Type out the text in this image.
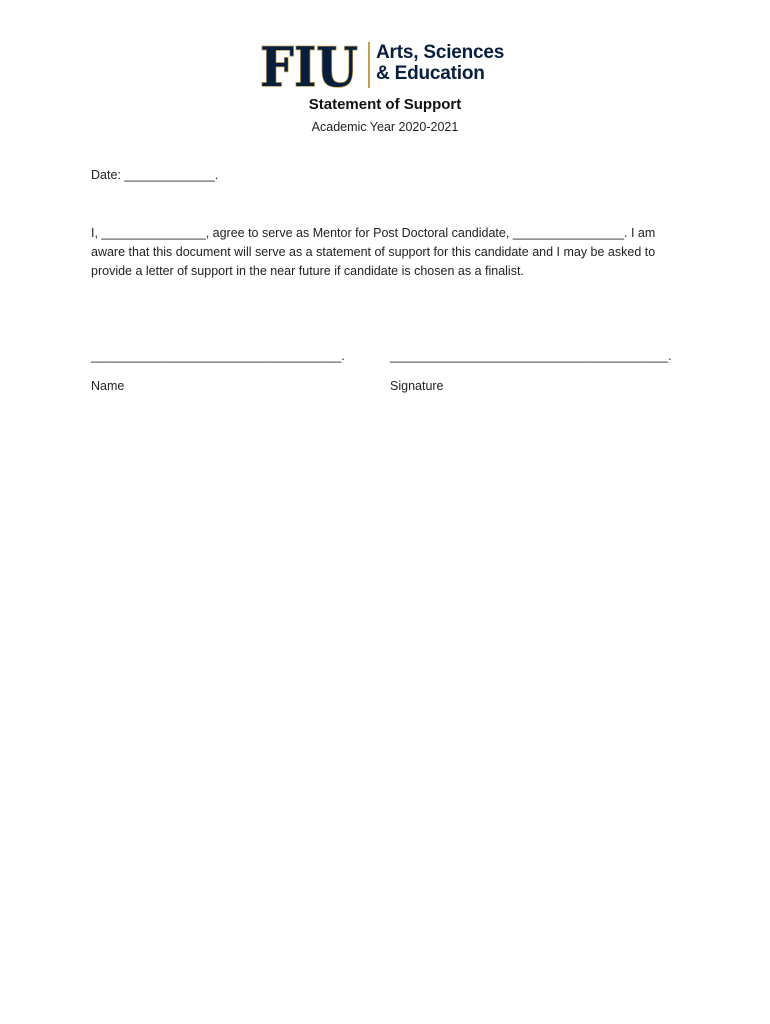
FIU Arts, Sciences
& Education
Statement of Support
Academic Year 2020-2021
Date: _____________.
I, _______________, agree to serve as Mentor for Post Doctoral candidate, ________________. I am
aware that this document will serve as a statement of support for this candidate and I may be asked to
provide a letter of support in the near future if candidate is chosen as a finalist.
____________________________________.	________________________________________.
Name	Signature
